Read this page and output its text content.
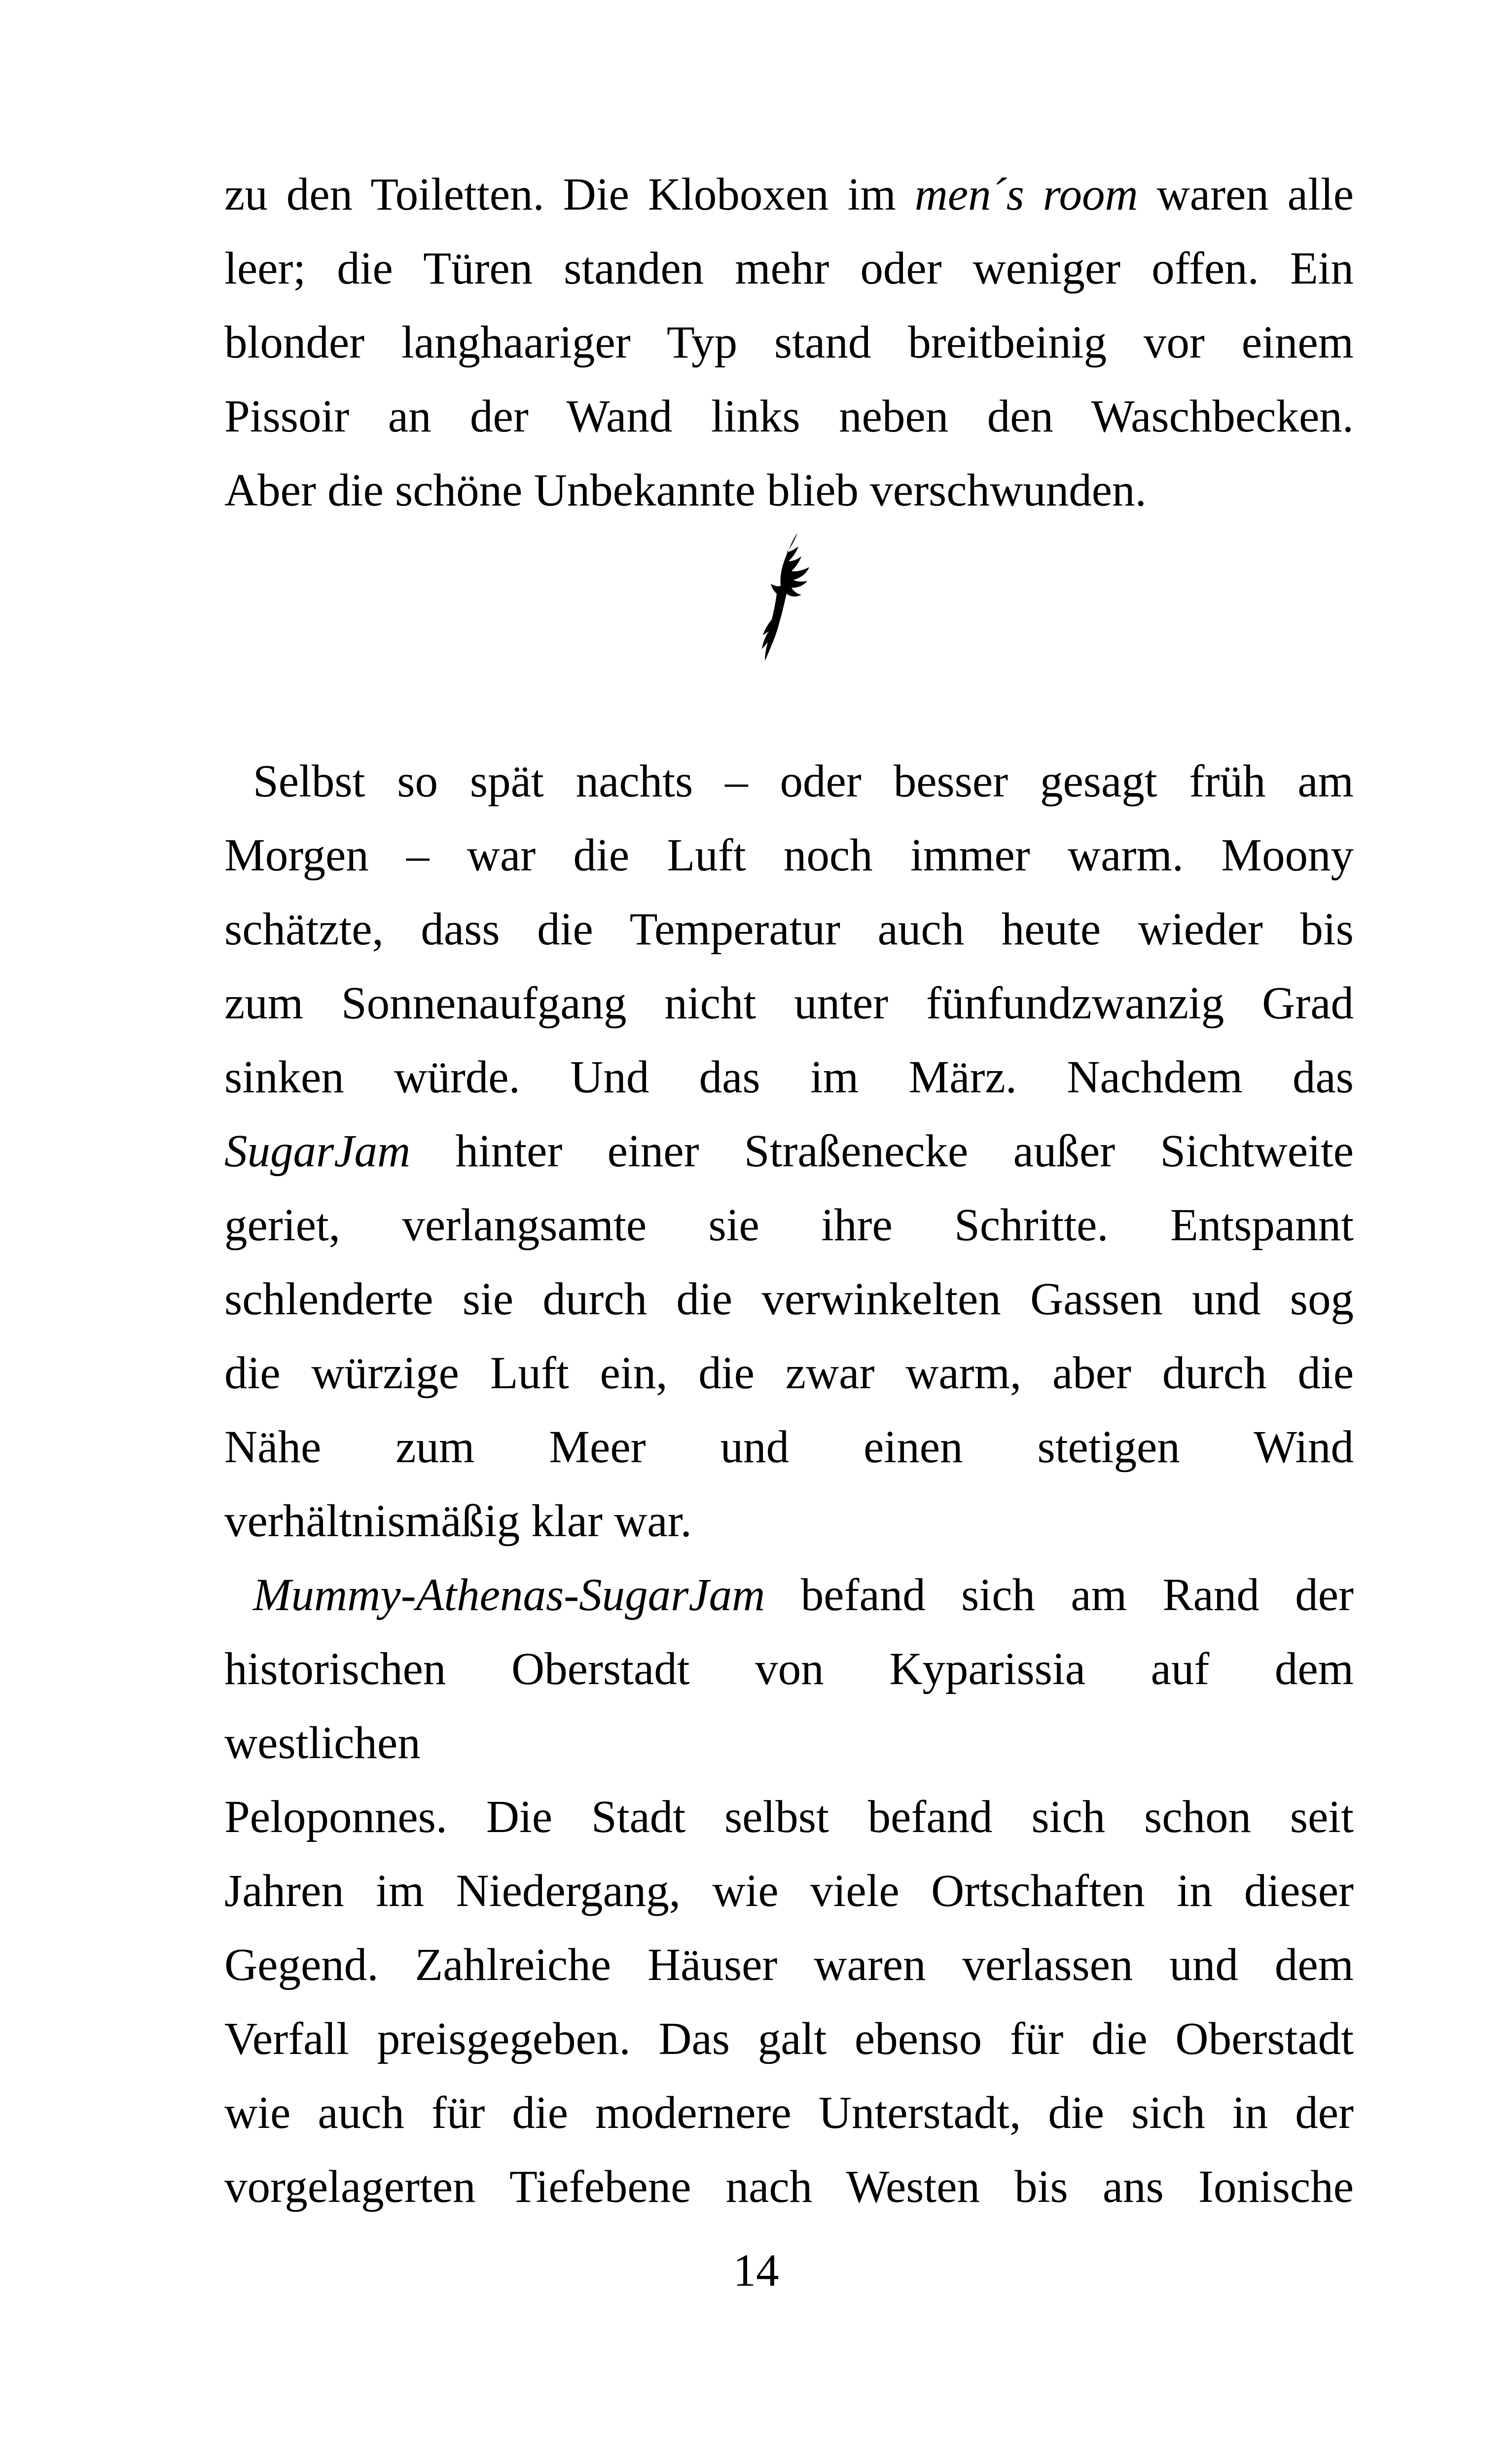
zu den Toiletten. Die Kloboxen im men´s room waren alle
leer; die Türen standen mehr oder weniger offen. Ein
blonder langhaariger Typ stand breitbeinig vor einem
Pissoir an der Wand links neben den Waschbecken.
Aber die schöne Unbekannte blieb verschwunden.
Selbst so spät nachts – oder besser gesagt früh am
Morgen – war die Luft noch immer warm. Moony
schätzte, dass die Temperatur auch heute wieder bis
zum Sonnenaufgang nicht unter fünfundzwanzig Grad
sinken würde. Und das im März. Nachdem das
SugarJam hinter einer Straßenecke außer Sichtweite
geriet, verlangsamte sie ihre Schritte. Entspannt
schlenderte sie durch die verwinkelten Gassen und sog
die würzige Luft ein, die zwar warm, aber durch die
Nähe zum Meer und einen stetigen Wind
verhältnismäßig klar war.
Mummy-Athenas-SugarJam befand sich am Rand der
historischen Oberstadt von Kyparissia auf dem
westlichen
Peloponnes. Die Stadt selbst befand sich schon seit
Jahren im Niedergang, wie viele Ortschaften in dieser
Gegend. Zahlreiche Häuser waren verlassen und dem
Verfall preisgegeben. Das galt ebenso für die Oberstadt
wie auch für die modernere Unterstadt, die sich in der
vorgelagerten Tiefebene nach Westen bis ans Ionische
14
